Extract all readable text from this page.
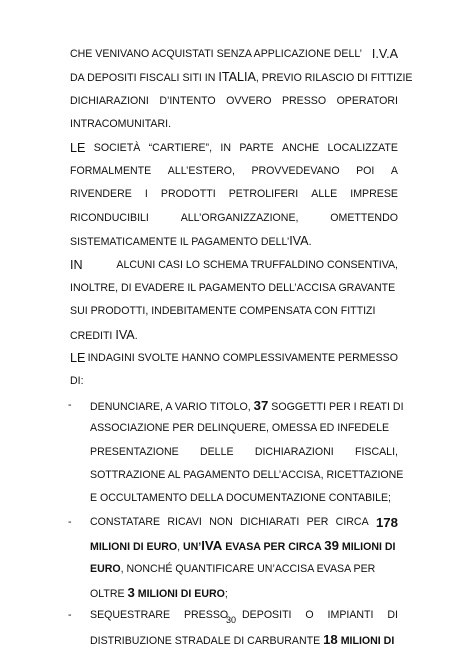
CHE VENIVANO ACQUISTATI SENZA APPLICAZIONE DELL’ I.V.A
DA DEPOSITI FISCALI SITI IN ITALIA, PREVIO RILASCIO DI FITTIZIE
DICHIARAZIONI D’INTENTO OVVERO PRESSO OPERATORI
INTRACOMUNITARI.
LE SOCIETÀ “CARTIERE”, IN PARTE ANCHE LOCALIZZATE
FORMALMENTE ALL’ESTERO, PROVVEDEVANO POI A
RIVENDERE I PRODOTTI PETROLIFERI ALLE IMPRESE
RICONDUCIBILI	ALL’ORGANIZZAZIONE,	OMETTENDO
SISTEMATICAMENTE IL PAGAMENTO DELL’IVA.
IN	ALCUNI CASI LO SCHEMA TRUFFALDINO CONSENTIVA,
INOLTRE, DI EVADERE IL PAGAMENTO DELL’ACCISA GRAVANTE
SUI PRODOTTI, INDEBITAMENTE COMPENSATA CON FITTIZI
CREDITI IVA.
LE INDAGINI SVOLTE HANNO COMPLESSIVAMENTE PERMESSO
DI:
-	DENUNCIARE, A VARIO TITOLO, 37 SOGGETTI PER I REATI DI
ASSOCIAZIONE PER DELINQUERE, OMESSA ED INFEDELE
PRESENTAZIONE DELLE DICHIARAZIONI FISCALI,
SOTTRAZIONE AL PAGAMENTO DELL’ACCISA, RICETTAZIONE
E OCCULTAMENTO DELLA DOCUMENTAZIONE CONTABILE;
- CONSTATARE RICAVI NON DICHIARATI PER CIRCA 178
MILIONI DI EURO, UN’IVA EVASA PER CIRCA 39 MILIONI DI
EURO, NONCHÉ QUANTIFICARE UN’ACCISA EVASA PER
OLTRE 3 MILIONI DI EURO;
- SEQUESTRARE PRESSO DEPOSITI O IMPIANTI DI
DISTRIBUZIONE STRADALE DI CARBURANTE 18 MILIONI DI
30
